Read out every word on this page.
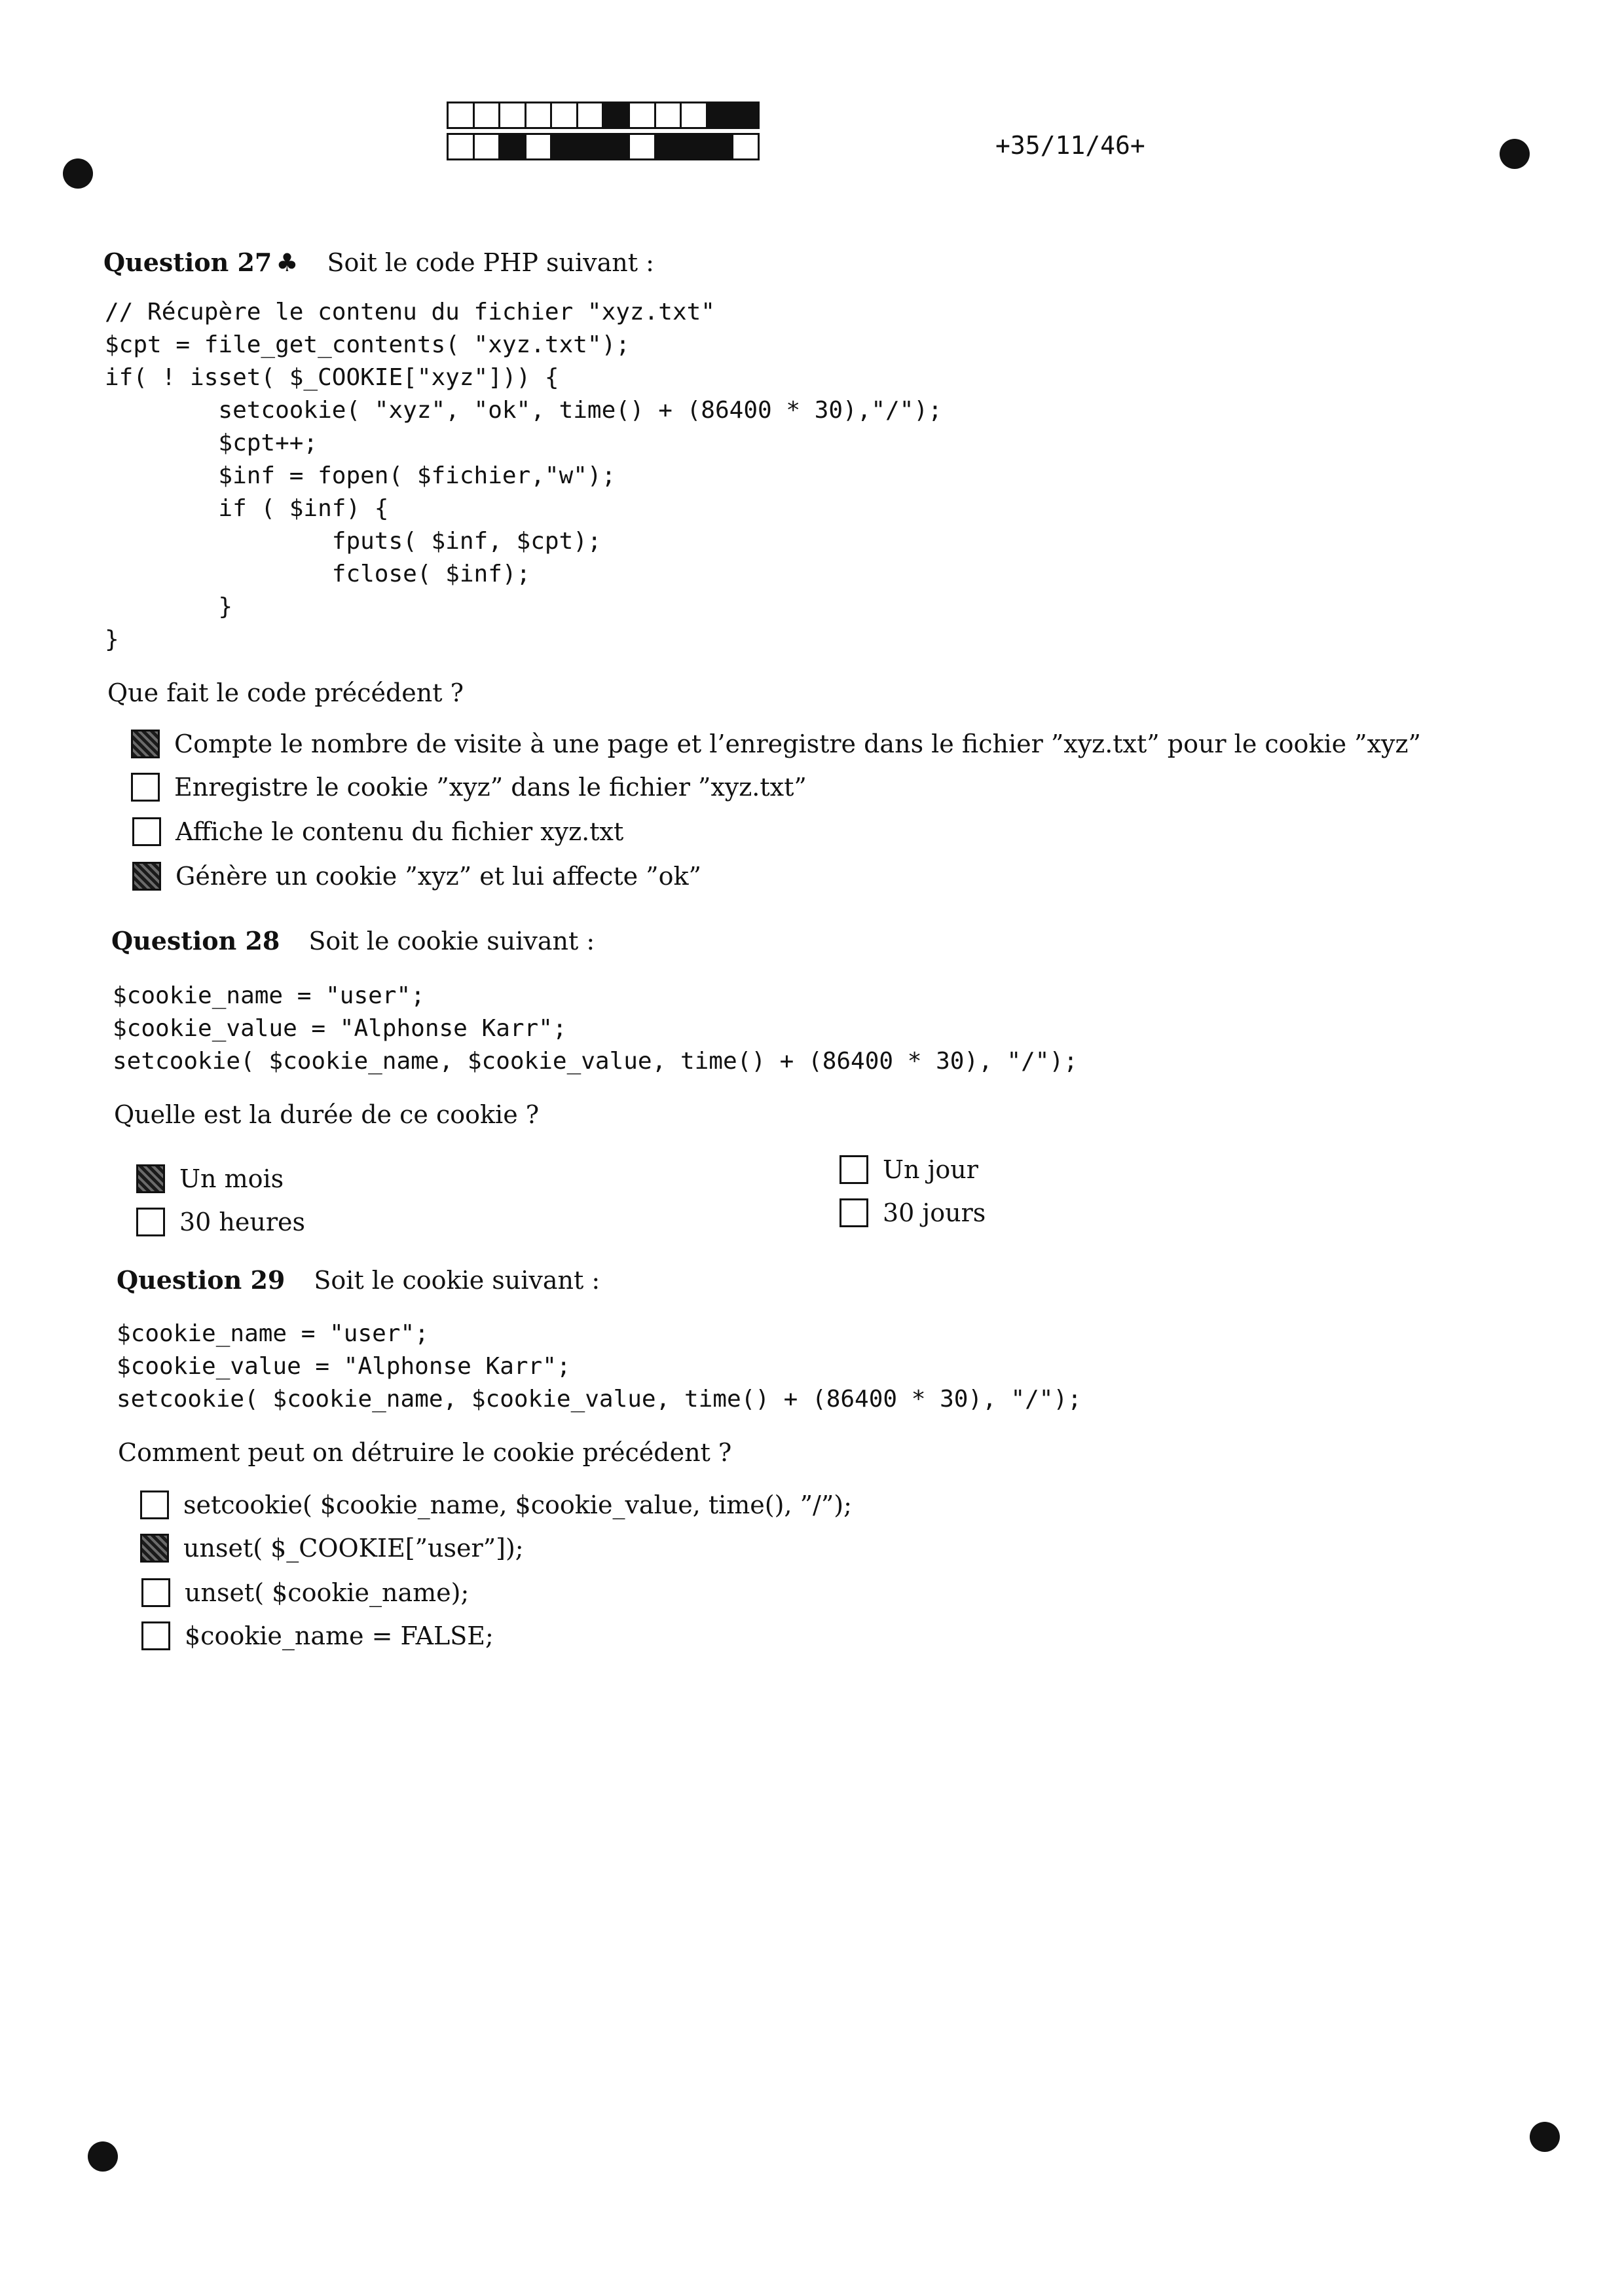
+35/11/46+
Question 27 ♣ Soit le code PHP suivant :
// Récupère le contenu du fichier "xyz.txt"
$cpt = file_get_contents( "xyz.txt");
if( ! isset( $_COOKIE["xyz"])) {
setcookie( "xyz", "ok", time() + (86400 * 30),"/");
$cpt++;
$inf = fopen( $fichier,"w");
if ( $inf) {
fputs( $inf, $cpt);
fclose( $inf);
}
}
Que fait le code précédent ?
Compte le nombre de visite à une page et l’enregistre dans le fichier ”xyz.txt” pour le cookie ”xyz”
Enregistre le cookie ”xyz” dans le fichier ”xyz.txt”
Affiche le contenu du fichier xyz.txt
Génère un cookie ”xyz” et lui affecte ”ok”
Question 28 Soit le cookie suivant :
$cookie_name = "user";
$cookie_value = "Alphonse Karr";
setcookie( $cookie_name, $cookie_value, time() + (86400 * 30), "/");
Quelle est la durée de ce cookie ?
Un mois
30 heures
Un jour
30 jours
Question 29 Soit le cookie suivant :
$cookie_name = "user";
$cookie_value = "Alphonse Karr";
setcookie( $cookie_name, $cookie_value, time() + (86400 * 30), "/");
Comment peut on détruire le cookie précédent ?
setcookie( $cookie_name, $cookie_value, time(), ”/”);
unset( $_COOKIE[”user”]);
unset( $cookie_name);
$cookie_name = FALSE;
